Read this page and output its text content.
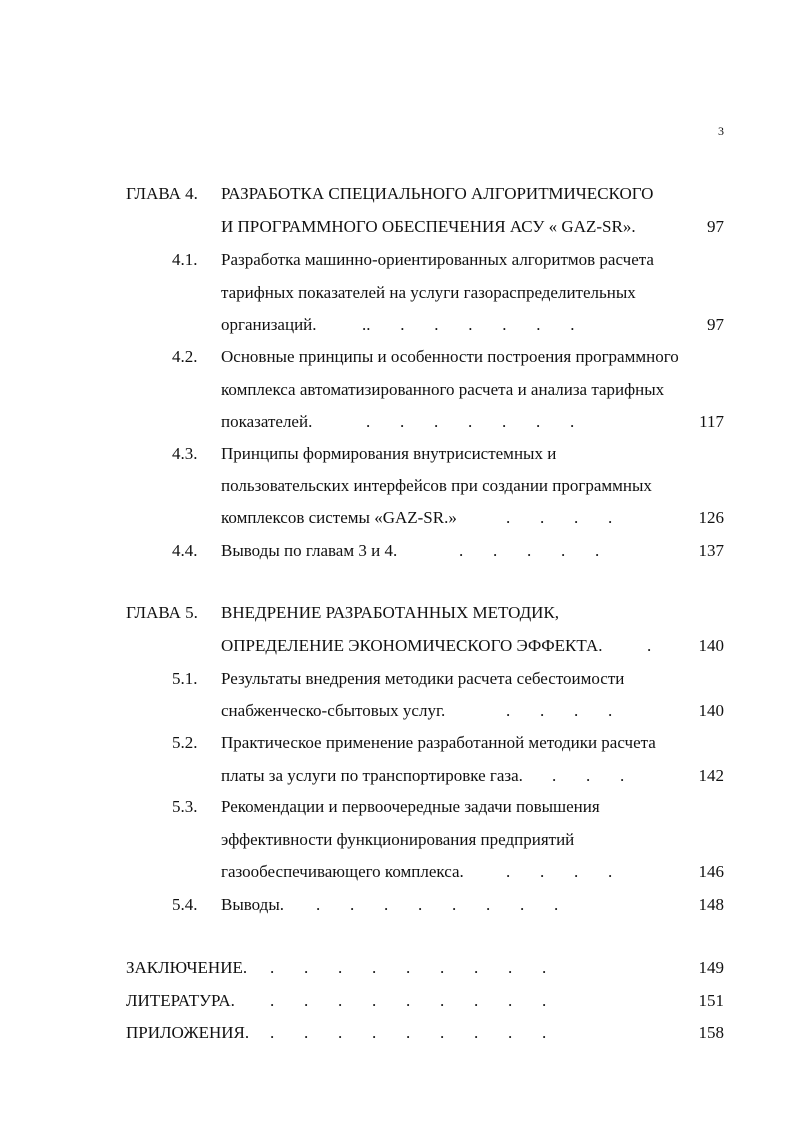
3
ГЛАВА 4. РАЗРАБОТКА СПЕЦИАЛЬНОГО АЛГОРИТМИЧЕСКОГО
И ПРОГРАММНОГО ОБЕСПЕЧЕНИЯ АСУ « GAZ-SR».	97
4.1. Разработка машинно-ориентированных алгоритмов расчета
тарифных показателей на услуги газораспределительных
организаций.	..       .       .       .       .       .       .	97
4.2. Основные принципы и особенности построения программного
комплекса автоматизированного расчета и анализа тарифных
показателей.	.       .       .       .       .       .       .	117
4.3. Принципы формирования внутрисистемных и
пользовательских интерфейсов при создании программных
комплексов системы «GAZ-SR.»	.       .       .       .	126
4.4. Выводы по главам 3 и 4.	.       .       .       .       .	137
ГЛАВА 5. ВНЕДРЕНИЕ РАЗРАБОТАННЫХ МЕТОДИК,
ОПРЕДЕЛЕНИЕ ЭКОНОМИЧЕСКОГО ЭФФЕКТА.	.	140
5.1. Результаты внедрения методики расчета себестоимости
снабженческо-сбытовых услуг.	.       .       .       .	140
5.2. Практическое применение разработанной методики расчета
платы за услуги по транспортировке газа. .       .       .	142
5.3. Рекомендации и первоочередные задачи повышения
эффективности функционирования предприятий
газообеспечивающего комплекса. .       .       .       .	146
5.4. Выводы. .       .       .       .       .       .       .       .	148
ЗАКЛЮЧЕНИЕ. .       .       .       .       .       .       .       .       .	149
ЛИТЕРАТУРА. .       .       .       .       .       .       .       .       .	151
ПРИЛОЖЕНИЯ. .       .       .       .       .       .       .       .       .	158
